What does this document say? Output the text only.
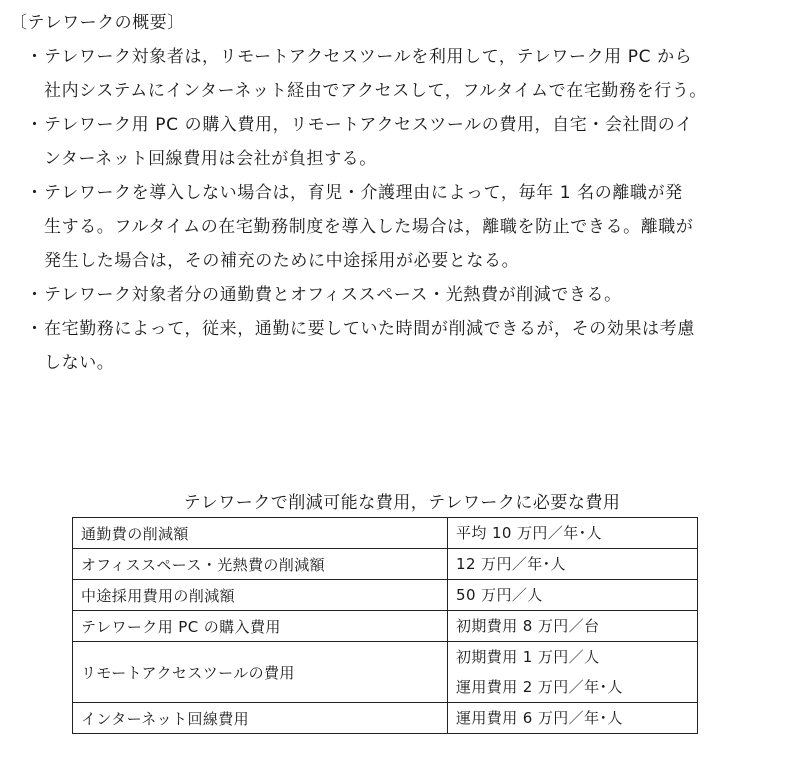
〔テレワークの概要〕
・ テレワーク対象者は，リモートアクセスツールを利用して，テレワーク用 PC から
社内システムにインターネット経由でアクセスして，フルタイムで在宅勤務を行う。
・ テレワーク用 PC の購入費用，リモートアクセスツールの費用，自宅・会社間のイ
ンターネット回線費用は会社が負担する。
・ テレワークを導入しない場合は，育児・介護理由によって，毎年 1 名の離職が発
生する。フルタイムの在宅勤務制度を導入した場合は，離職を防止できる。離職が
発生した場合は，その補充のために中途採用が必要となる。
・ テレワーク対象者分の通勤費とオフィススペース・光熱費が削減できる。
・ 在宅勤務によって，従来，通勤に要していた時間が削減できるが，その効果は考慮
しない。
テレワークで削減可能な費用，テレワークに必要な費用
通勤費の削減額	平均 10 万円／年･人

オフィススペース・光熱費の削減額	12 万円／年･人

中途採用費用の削減額	50 万円／人

テレワーク用 PC の購入費用	初期費用 8 万円／台

リモートアクセスツールの費用	初期費用 1 万円／人
運用費用 2 万円／年･人

インターネット回線費用	運用費用 6 万円／年･人
